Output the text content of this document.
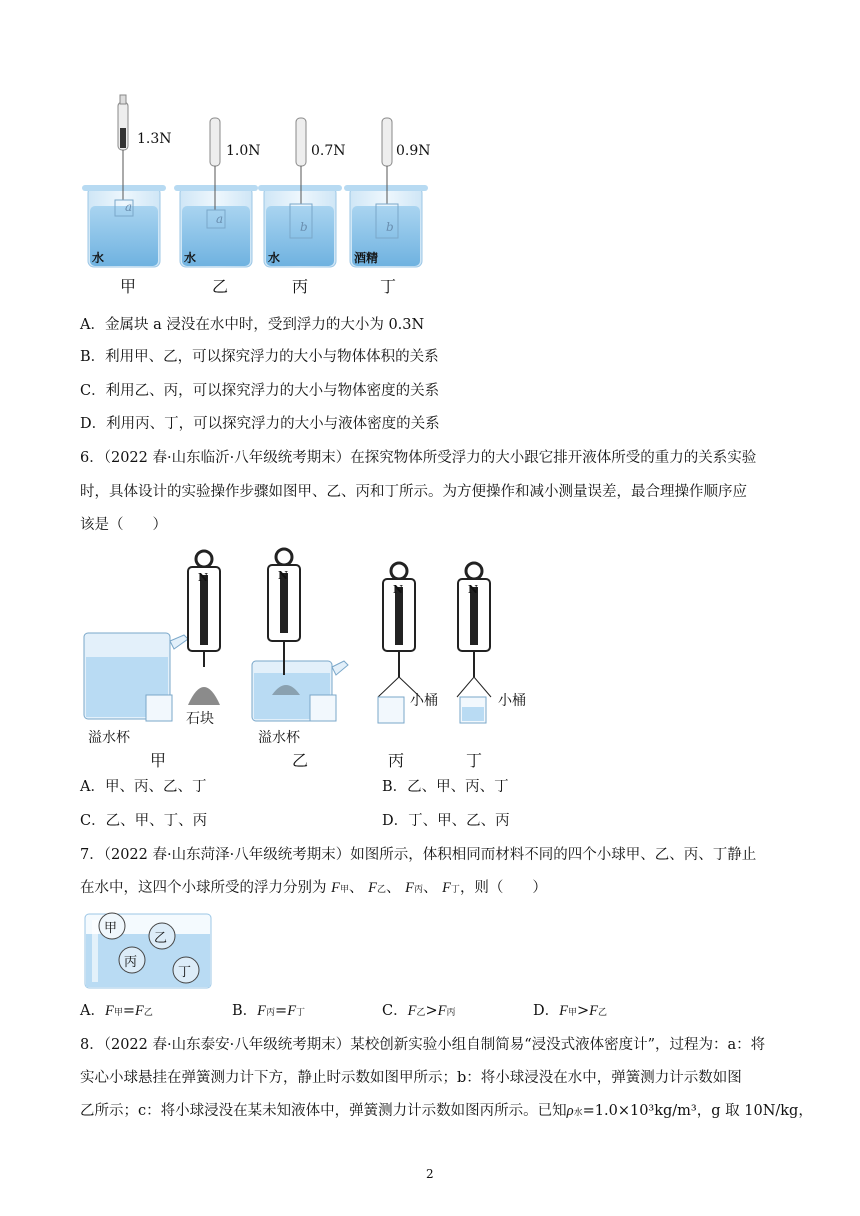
1.3N
1.0N	0.7N	0.9N
a
a
b	b
水	水	水	酒精
甲	乙	丙	丁
A．金属块 a 浸没在水中时，受到浮力的大小为 0.3N
B．利用甲、乙，可以探究浮力的大小与物体体积的关系
C．利用乙、丙，可以探究浮力的大小与物体密度的关系
D．利用丙、丁，可以探究浮力的大小与液体密度的关系
6．（2022 春·山东临沂·八年级统考期末）在探究物体所受浮力的大小跟它排开液体所受的重力的关系实验
时，具体设计的实验操作步骤如图甲、乙、丙和丁所示。为方便操作和减小测量误差，最合理操作顺序应
该是（　　）
N	N
N	N
溢水杯
石块
溢水杯
小桶	小桶
甲	乙	丙	丁
A．甲、丙、乙、丁	B．乙、甲、丙、丁
C．乙、甲、丁、丙	D．丁、甲、乙、丙
7．（2022 春·山东菏泽·八年级统考期末）如图所示，体积相同而材料不同的四个小球甲、乙、丙、丁静止
在水中，这四个小球所受的浮力分别为 F甲、 F乙、 F丙、 F丁，则（　　）
甲
乙
丙
丁
A．F甲=F乙	B．F丙=F丁	C．F乙>F丙	D．F甲>F乙
8．（2022 春·山东泰安·八年级统考期末）某校创新实验小组自制简易“浸没式液体密度计”，过程为：a：将
实心小球悬挂在弹簧测力计下方，静止时示数如图甲所示；b：将小球浸没在水中，弹簧测力计示数如图
乙所示；c：将小球浸没在某未知液体中，弹簧测力计示数如图丙所示。已知ρ水=1.0×10³kg/m³，g 取 10N/kg，
2
